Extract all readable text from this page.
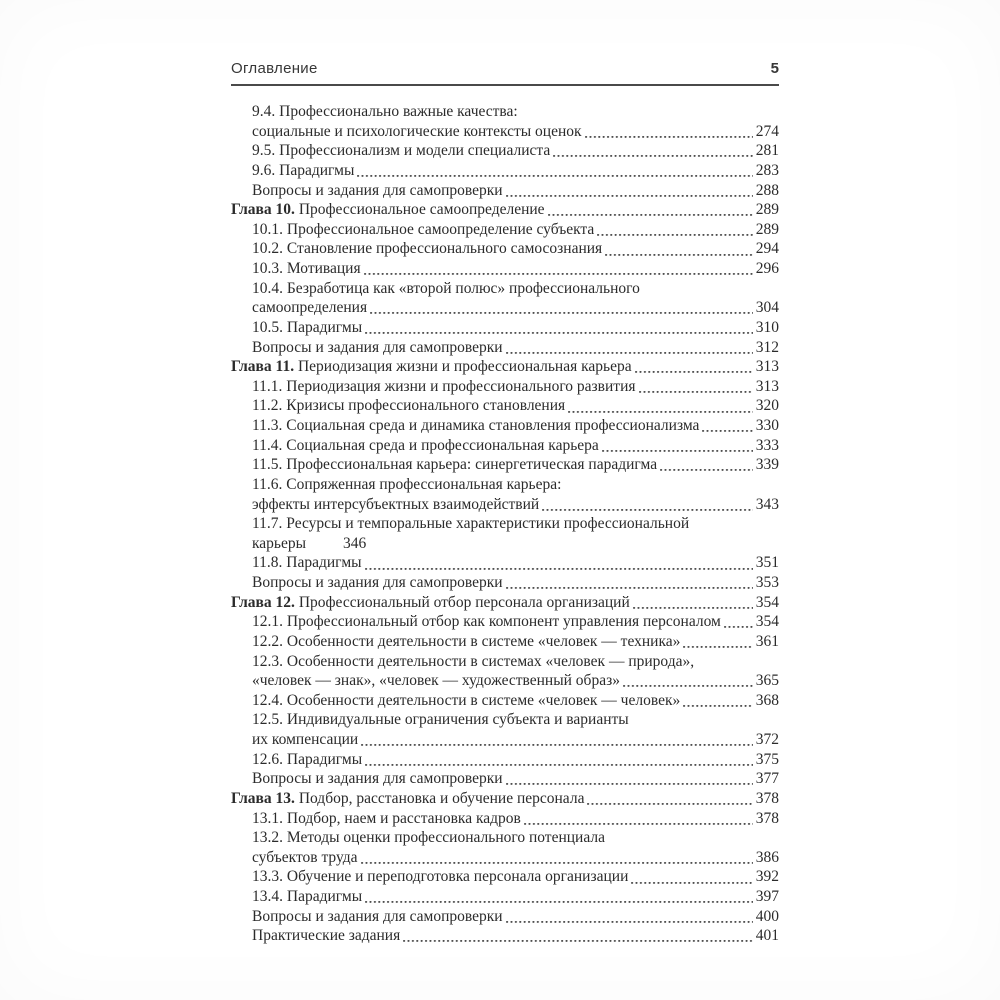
Оглавление	5
9.4. Профессионально важные качества:
социальные и психологические контексты оценок	274
9.5. Профессионализм и модели специалиста	281
9.6. Парадигмы	283
Вопросы и задания для самопроверки	288
Глава 10. Профессиональное самоопределение	289
10.1. Профессиональное самоопределение субъекта	289
10.2. Становление профессионального самосознания	294
10.3. Мотивация	296
10.4. Безработица как «второй полюс» профессионального
самоопределения	304
10.5. Парадигмы	310
Вопросы и задания для самопроверки	312
Глава 11. Периодизация жизни и профессиональная карьера	313
11.1. Периодизация жизни и профессионального развития	313
11.2. Кризисы профессионального становления	320
11.3. Социальная среда и динамика становления профессионализма	330
11.4. Социальная среда и профессиональная карьера	333
11.5. Профессиональная карьера: синергетическая парадигма	339
11.6. Сопряженная профессиональная карьера:
эффекты интерсубъектных взаимодействий	343
11.7. Ресурсы и темпоральные характеристики профессиональной
карьеры 346
11.8. Парадигмы	351
Вопросы и задания для самопроверки	353
Глава 12. Профессиональный отбор персонала организаций	354
12.1. Профессиональный отбор как компонент управления персоналом 354
12.2. Особенности деятельности в системе «человек — техника»	361
12.3. Особенности деятельности в системах «человек — природа»,
«человек — знак», «человек — художественный образ»	365
12.4. Особенности деятельности в системе «человек — человек»	368
12.5. Индивидуальные ограничения субъекта и варианты
их компенсации	372
12.6. Парадигмы	375
Вопросы и задания для самопроверки	377
Глава 13. Подбор, расстановка и обучение персонала	378
13.1. Подбор, наем и расстановка кадров	378
13.2. Методы оценки профессионального потенциала
субъектов труда	386
13.3. Обучение и переподготовка персонала организации	392
13.4. Парадигмы	397
Вопросы и задания для самопроверки	400
Практические задания	401
